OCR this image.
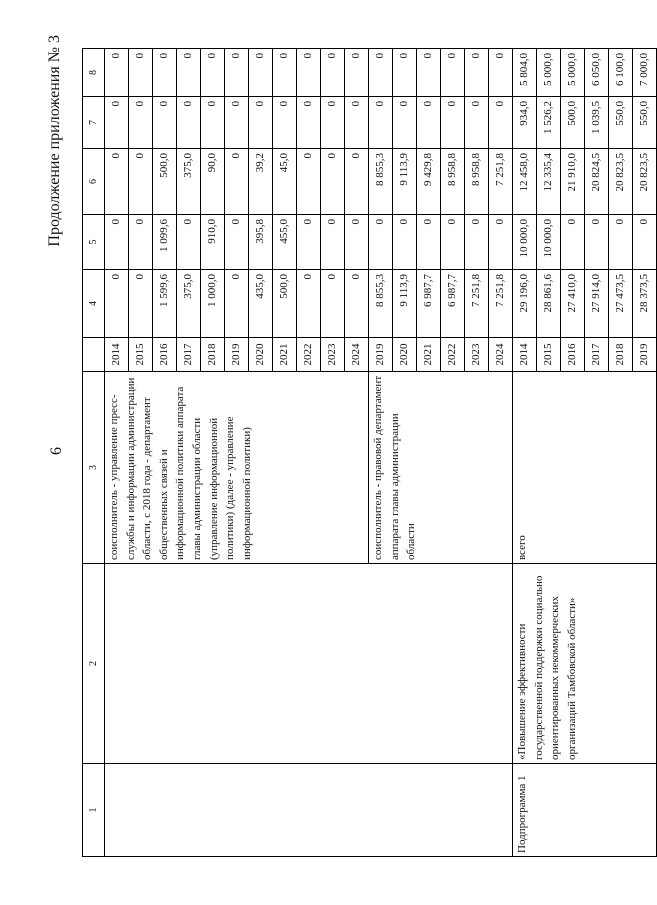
6
Продолжение приложения № 3
1	2	3		4	5	6	7	8
		соисполнитель - управление пресс-службы и информации администрации области, с 2018 года - департамент общественных связей и информационной политики аппарата главы администрации области (управление информационной политики) (далее - управление информационной политики)	2014	0	0	0	0	0
			2015	0	0	0	0	0
			2016	1 599,6	1 099,6	500,0	0	0
			2017	375,0	0	375,0	0	0
			2018	1 000,0	910,0	90,0	0	0
			2019	0	0	0	0	0
			2020	435,0	395,8	39,2	0	0
			2021	500,0	455,0	45,0	0	0
			2022	0	0	0	0	0
			2023	0	0	0	0	0
			2024	0	0	0	0	0
		соисполнитель - правовой департамент аппарата главы администрации области	2019	8 855,3	0	8 855,3	0	0
			2020	9 113,9	0	9 113,9	0	0
			2021	6 987,7	0	9 429,8	0	0
			2022	6 987,7	0	8 958,8	0	0
			2023	7 251,8	0	8 958,8	0	0
			2024	7 251,8	0	7 251,8	0	0
Подпрограмма 1	«Повышение эффективности государственной поддержки социально ориентированных некоммерческих организаций Тамбовской области»	всего	2014	29 196,0	10 000,0	12 458,0	934,0	5 804,0
			2015	28 861,6	10 000,0	12 335,4	1 526,2	5 000,0
			2016	27 410,0	0	21 910,0	500,0	5 000,0
			2017	27 914,0	0	20 824,5	1 039,5	6 050,0
			2018	27 473,5	0	20 823,5	550,0	6 100,0
			2019	28 373,5	0	20 823,5	550,0	7 000,0
